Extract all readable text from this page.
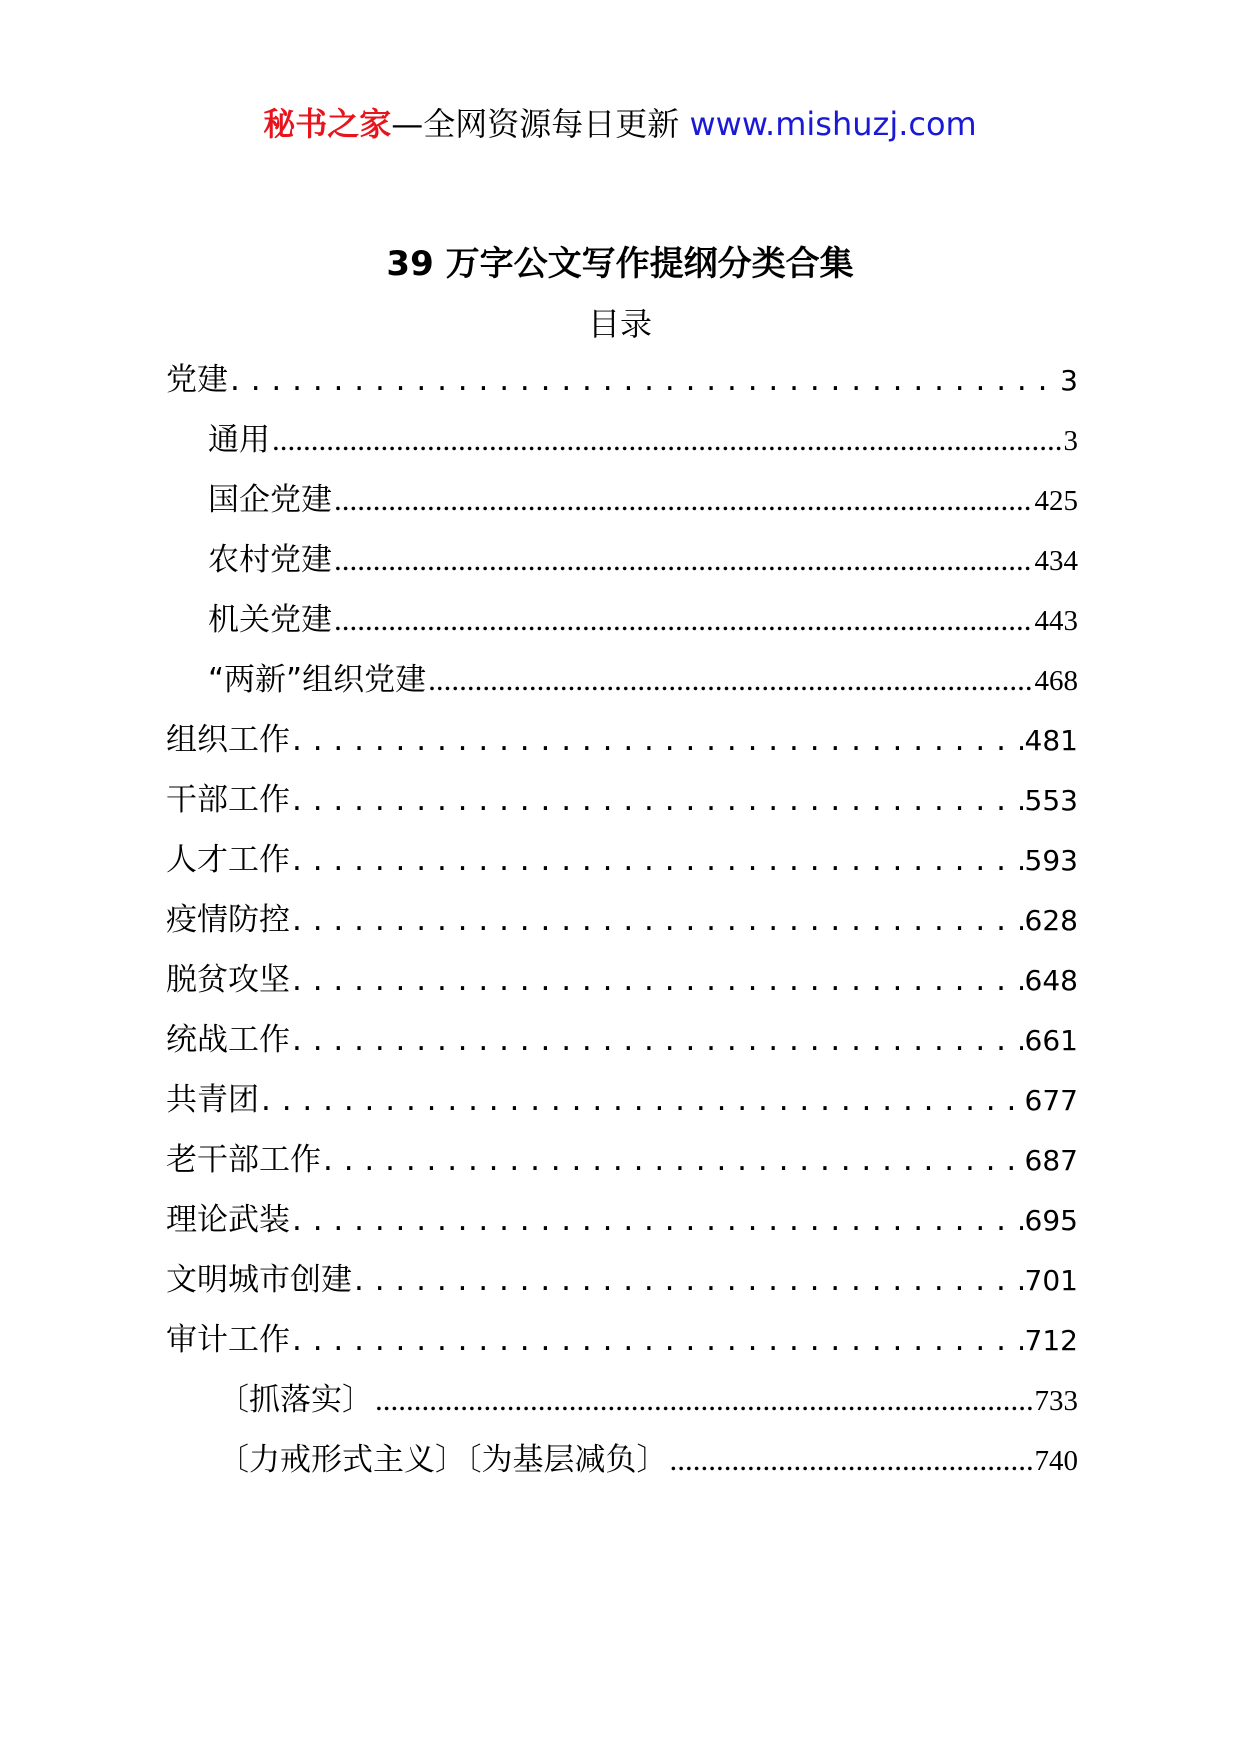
秘书之家—全网资源每日更新 www.mishuzj.com
39 万字公文写作提纲分类合集
目录
党建 . . .	3
通用 .....	3
国企党建 .....	425
农村党建 .....	434
机关党建 .....	443
“两新”组织党建 .....	468
组织工作 . . .	481
干部工作 . . .	553
人才工作 . . .	593
疫情防控 . . .	628
脱贫攻坚 . . .	648
统战工作 . . .	661
共青团 . . .	677
老干部工作 . . .	687
理论武装 . . .	695
文明城市创建 . . .	701
审计工作 . . .	712
〔抓落实〕 .....	733
〔力戒形式主义〕〔为基层减负〕 .....	740
